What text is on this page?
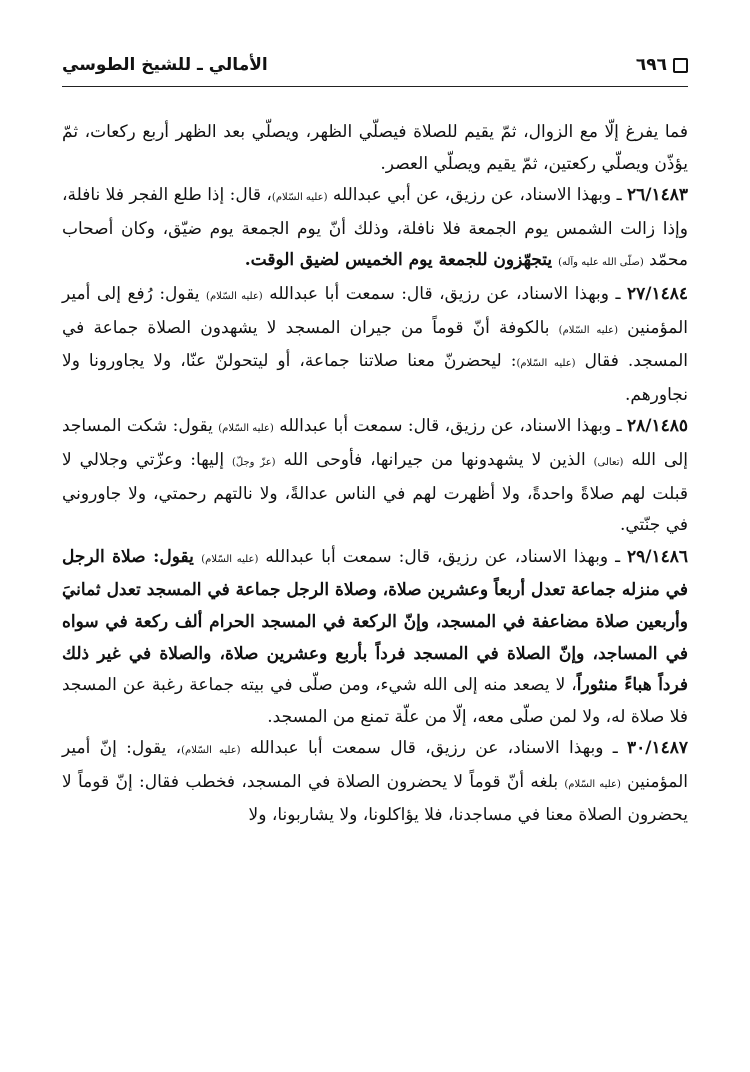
٦٩٦
الأمالي ـ للشيخ الطوسي

فما يفرغ إلّا مع الزوال، ثمّ يقيم للصلاة فيصلّي الظهر، ويصلّي بعد الظهر أربع ركعات، ثمّ يؤذّن ويصلّي ركعتين، ثمّ يقيم ويصلّي العصر.

٢٦/١٤٨٣ ـ وبهذا الاسناد، عن رزيق، عن أبي عبدالله (عليه السّلام)، قال: إذا طلع الفجر فلا نافلة، وإذا زالت الشمس يوم الجمعة فلا نافلة، وذلك أنّ يوم الجمعة يوم ضيّق، وكان أصحاب محمّد (صلّى الله عليه وآله) يتجهّزون للجمعة يوم الخميس لضيق الوقت.

٢٧/١٤٨٤ ـ وبهذا الاسناد، عن رزيق، قال: سمعت أبا عبدالله (عليه السّلام) يقول: رُفع إلى أمير المؤمنين (عليه السّلام) بالكوفة أنّ قوماً من جيران المسجد لا يشهدون الصلاة جماعة في المسجد. فقال (عليه السّلام): ليحضرنّ معنا صلاتنا جماعة، أو ليتحولنّ عنّا، ولا يجاورونا ولا نجاورهم.

٢٨/١٤٨٥ ـ وبهذا الاسناد، عن رزيق، قال: سمعت أبا عبدالله (عليه السّلام) يقول: شكت المساجد إلى الله (تعالى) الذين لا يشهدونها من جيرانها، فأوحى الله (عزّ وجلّ) إليها: وعزّتي وجلالي لا قبلت لهم صلاةً واحدةً، ولا أظهرت لهم في الناس عدالةً، ولا نالتهم رحمتي، ولا جاوروني في جنّتي.

٢٩/١٤٨٦ ـ وبهذا الاسناد، عن رزيق، قال: سمعت أبا عبدالله (عليه السّلام) يقول: صلاة الرجل في منزله جماعة تعدل أربعاً وعشرين صلاة، وصلاة الرجل جماعة في المسجد تعدل ثمانيَ وأربعين صلاة مضاعفة في المسجد، وإنّ الركعة في المسجد الحرام ألف ركعة في سواه في المساجد، وإنّ الصلاة في المسجد فرداً بأربع وعشرين صلاة، والصلاة في غير ذلك فرداً هباءً منثوراً، لا يصعد منه إلى الله شيء، ومن صلّى في بيته جماعة رغبة عن المسجد فلا صلاة له، ولا لمن صلّى معه، إلّا من علّة تمنع من المسجد.

٣٠/١٤٨٧ ـ وبهذا الاسناد، عن رزيق، قال سمعت أبا عبدالله (عليه السّلام)، يقول: إنّ أمير المؤمنين (عليه السّلام) بلغه أنّ قوماً لا يحضرون الصلاة في المسجد، فخطب فقال: إنّ قوماً لا يحضرون الصلاة معنا في مساجدنا، فلا يؤاكلونا، ولا يشاربونا، ولا
